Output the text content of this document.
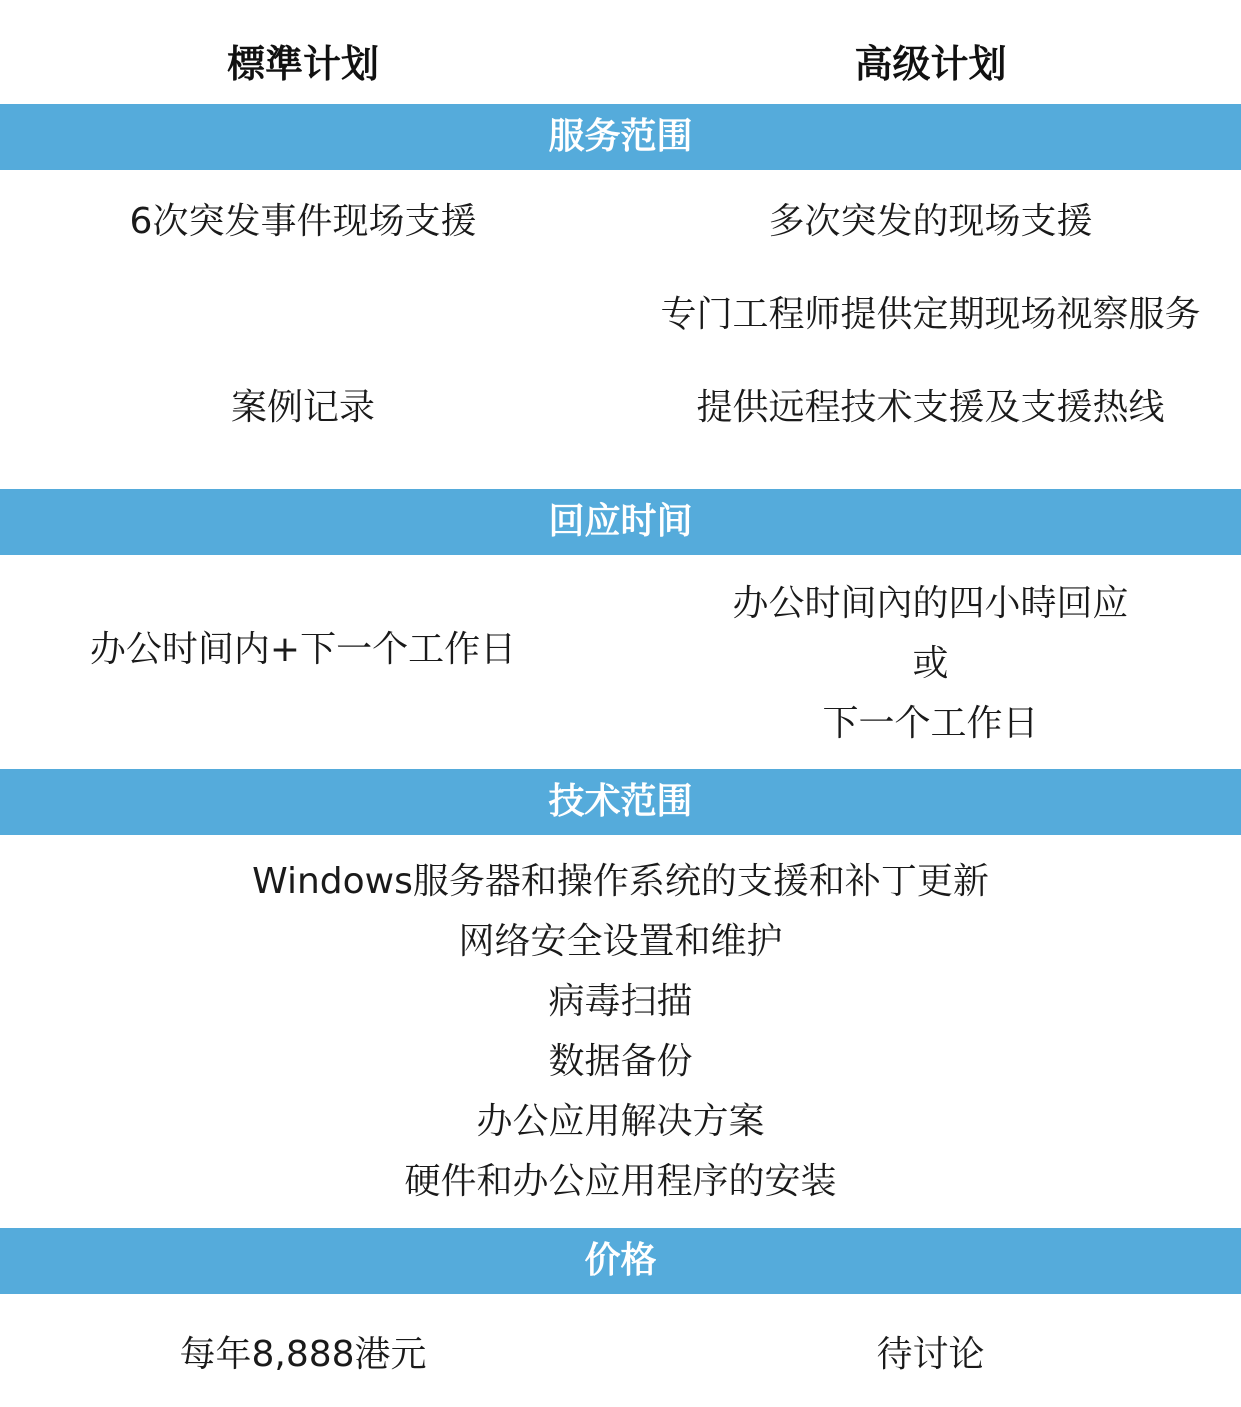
標準计划	高级计划
服务范围
6次突发事件现场支援
案例记录
多次突发的现场支援
专门工程师提供定期现场视察服务
提供远程技术支援及支援热线
回应时间
办公时间内+下一个工作日
办公时间內的四小時回应
或
下一个工作日
技术范围
Windows服务器和操作系统的支援和补丁更新
网络安全设置和维护
病毒扫描
数据备份
办公应用解决方案
硬件和办公应用程序的安装
价格
每年8,888港元	待讨论
